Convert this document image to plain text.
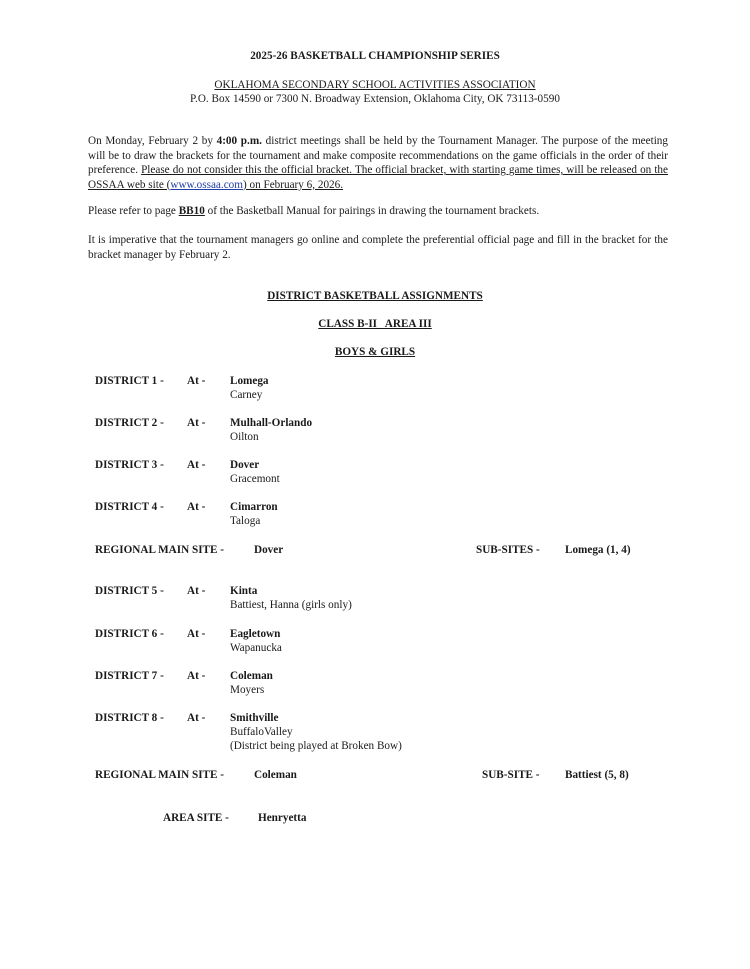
2025-26 BASKETBALL CHAMPIONSHIP SERIES
OKLAHOMA SECONDARY SCHOOL ACTIVITIES ASSOCIATION
P.O. Box 14590 or 7300 N. Broadway Extension, Oklahoma City, OK 73113-0590
On Monday, February 2 by 4:00 p.m. district meetings shall be held by the Tournament Manager. The purpose of the meeting will be to draw the brackets for the tournament and make composite recommendations on the game officials in the order of their preference. Please do not consider this the official bracket. The official bracket, with starting game times, will be released on the OSSAA web site (www.ossaa.com) on February 6, 2026.
Please refer to page BB10 of the Basketball Manual for pairings in drawing the tournament brackets.
It is imperative that the tournament managers go online and complete the preferential official page and fill in the bracket for the bracket manager by February 2.
DISTRICT BASKETBALL ASSIGNMENTS
CLASS B-II   AREA III
BOYS & GIRLS
DISTRICT 1 - At - Lomega
Carney
DISTRICT 2 - At - Mulhall-Orlando
Oilton
DISTRICT 3 - At - Dover
Gracemont
DISTRICT 4 - At - Cimarron
Taloga
REGIONAL MAIN SITE -	Dover	SUB-SITES - Lomega (1, 4)
DISTRICT 5 - At - Kinta
Battiest, Hanna (girls only)
DISTRICT 6 - At - Eagletown
Wapanucka
DISTRICT 7 - At - Coleman
Moyers
DISTRICT 8 - At - Smithville
BuffaloValley
(District being played at Broken Bow)
REGIONAL MAIN SITE -	Coleman	SUB-SITE - Battiest (5, 8)
AREA SITE -	Henryetta
